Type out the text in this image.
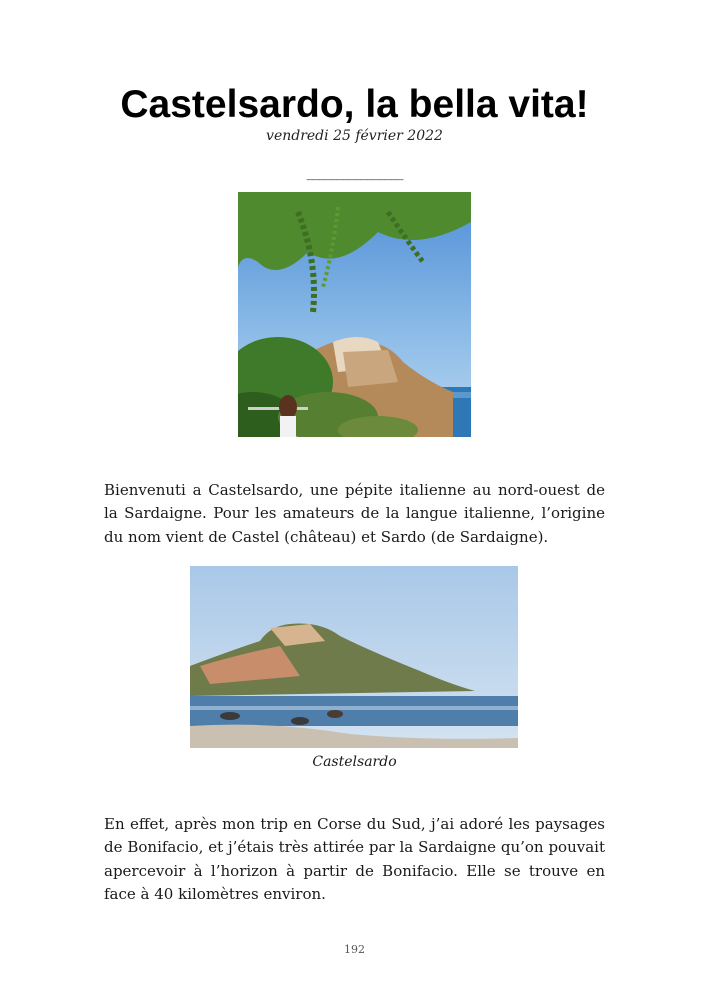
Castelsardo, la bella vita!
vendredi 25 février 2022
________________

Bienvenuti a Castelsardo, une pépite italienne au nord-ouest de la Sardaigne. Pour les amateurs de la langue italienne, l’origine du nom vient de Castel (château) et Sardo (de Sardaigne).

Castelsardo

En effet, après mon trip en Corse du Sud, j’ai adoré les paysages de Bonifacio, et j’étais très attirée par la Sardaigne qu’on pouvait apercevoir à l’horizon à partir de Bonifacio. Elle se trouve en face à 40 kilomètres environ.

192
